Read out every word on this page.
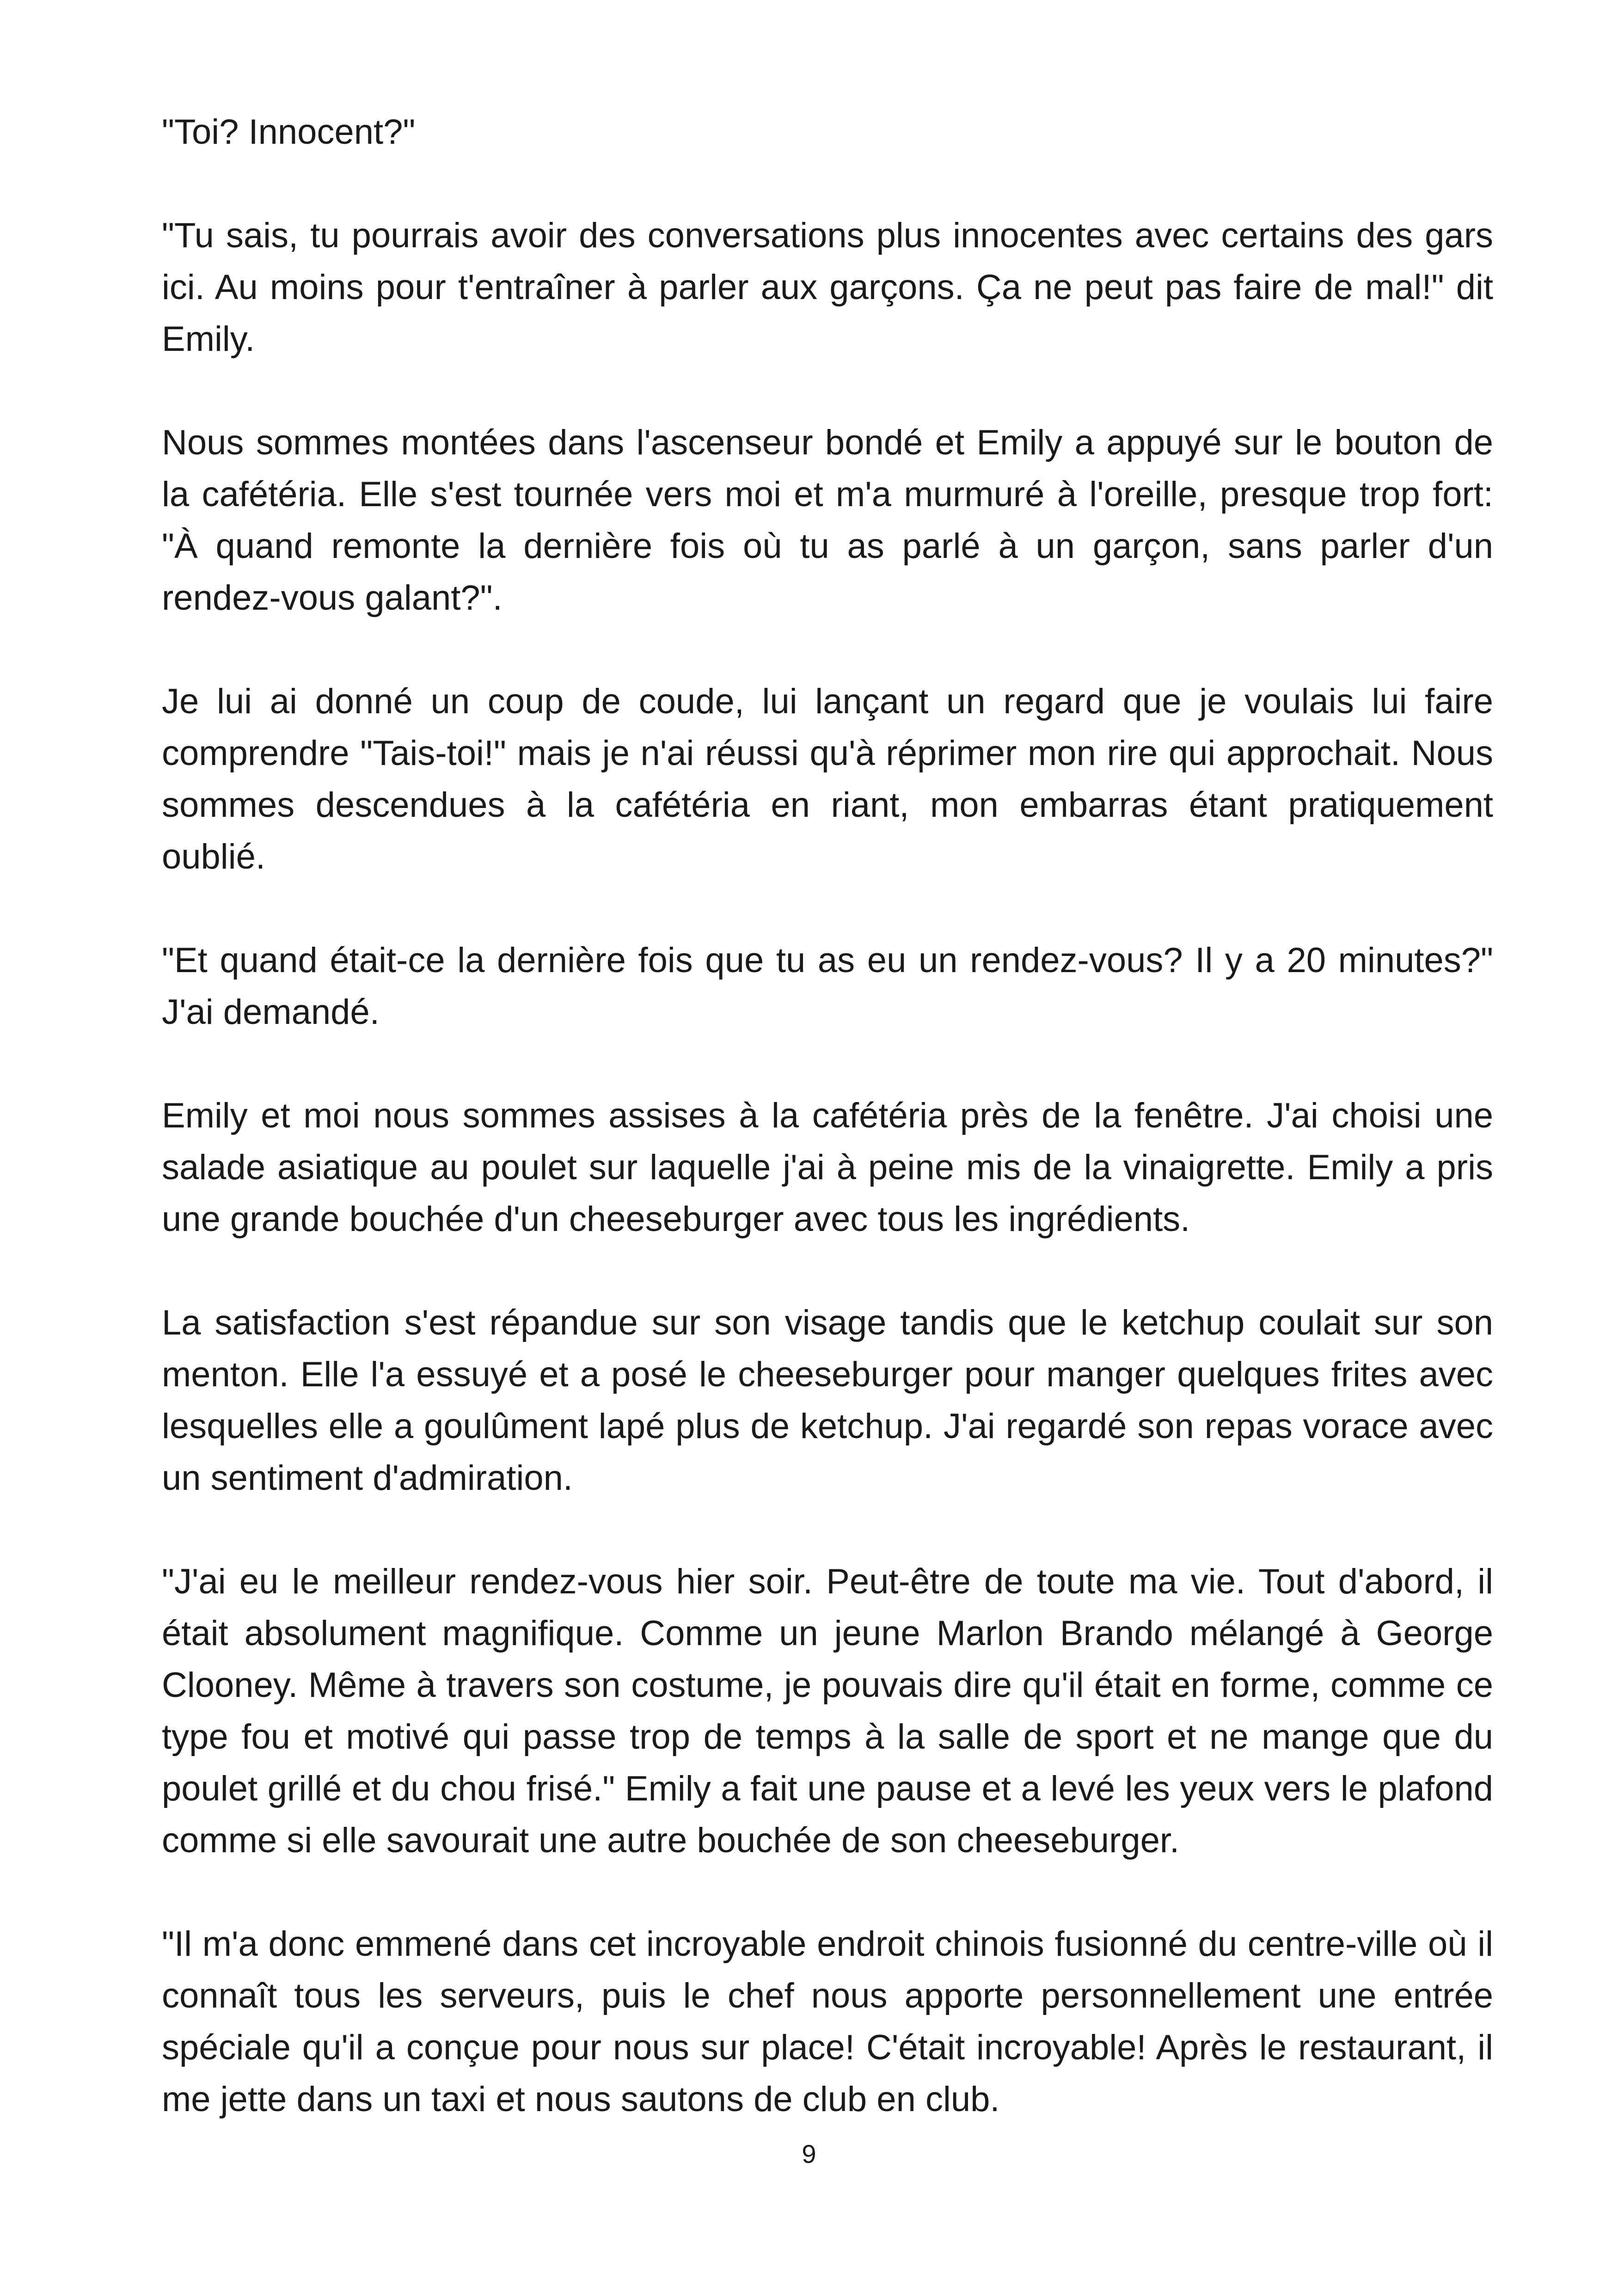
"Toi? Innocent?"

"Tu sais, tu pourrais avoir des conversations plus innocentes avec certains des gars ici. Au moins pour t'entraîner à parler aux garçons. Ça ne peut pas faire de mal!" dit Emily.

Nous sommes montées dans l'ascenseur bondé et Emily a appuyé sur le bouton de la cafétéria. Elle s'est tournée vers moi et m'a murmuré à l'oreille, presque trop fort: "À quand remonte la dernière fois où tu as parlé à un garçon, sans parler d'un rendez-vous galant?".

Je lui ai donné un coup de coude, lui lançant un regard que je voulais lui faire comprendre "Tais-toi!" mais je n'ai réussi qu'à réprimer mon rire qui approchait. Nous sommes descendues à la cafétéria en riant, mon embarras étant pratiquement oublié.

"Et quand était-ce la dernière fois que tu as eu un rendez-vous? Il y a 20 minutes?" J'ai demandé.

Emily et moi nous sommes assises à la cafétéria près de la fenêtre. J'ai choisi une salade asiatique au poulet sur laquelle j'ai à peine mis de la vinaigrette. Emily a pris une grande bouchée d'un cheeseburger avec tous les ingrédients.

La satisfaction s'est répandue sur son visage tandis que le ketchup coulait sur son menton. Elle l'a essuyé et a posé le cheeseburger pour manger quelques frites avec lesquelles elle a goulûment lapé plus de ketchup. J'ai regardé son repas vorace avec un sentiment d'admiration.

"J'ai eu le meilleur rendez-vous hier soir. Peut-être de toute ma vie. Tout d'abord, il était absolument magnifique. Comme un jeune Marlon Brando mélangé à George Clooney. Même à travers son costume, je pouvais dire qu'il était en forme, comme ce type fou et motivé qui passe trop de temps à la salle de sport et ne mange que du poulet grillé et du chou frisé." Emily a fait une pause et a levé les yeux vers le plafond comme si elle savourait une autre bouchée de son cheeseburger.

"Il m'a donc emmené dans cet incroyable endroit chinois fusionné du centre-ville où il connaît tous les serveurs, puis le chef nous apporte personnellement une entrée spéciale qu'il a conçue pour nous sur place! C'était incroyable! Après le restaurant, il me jette dans un taxi et nous sautons de club en club.

9
